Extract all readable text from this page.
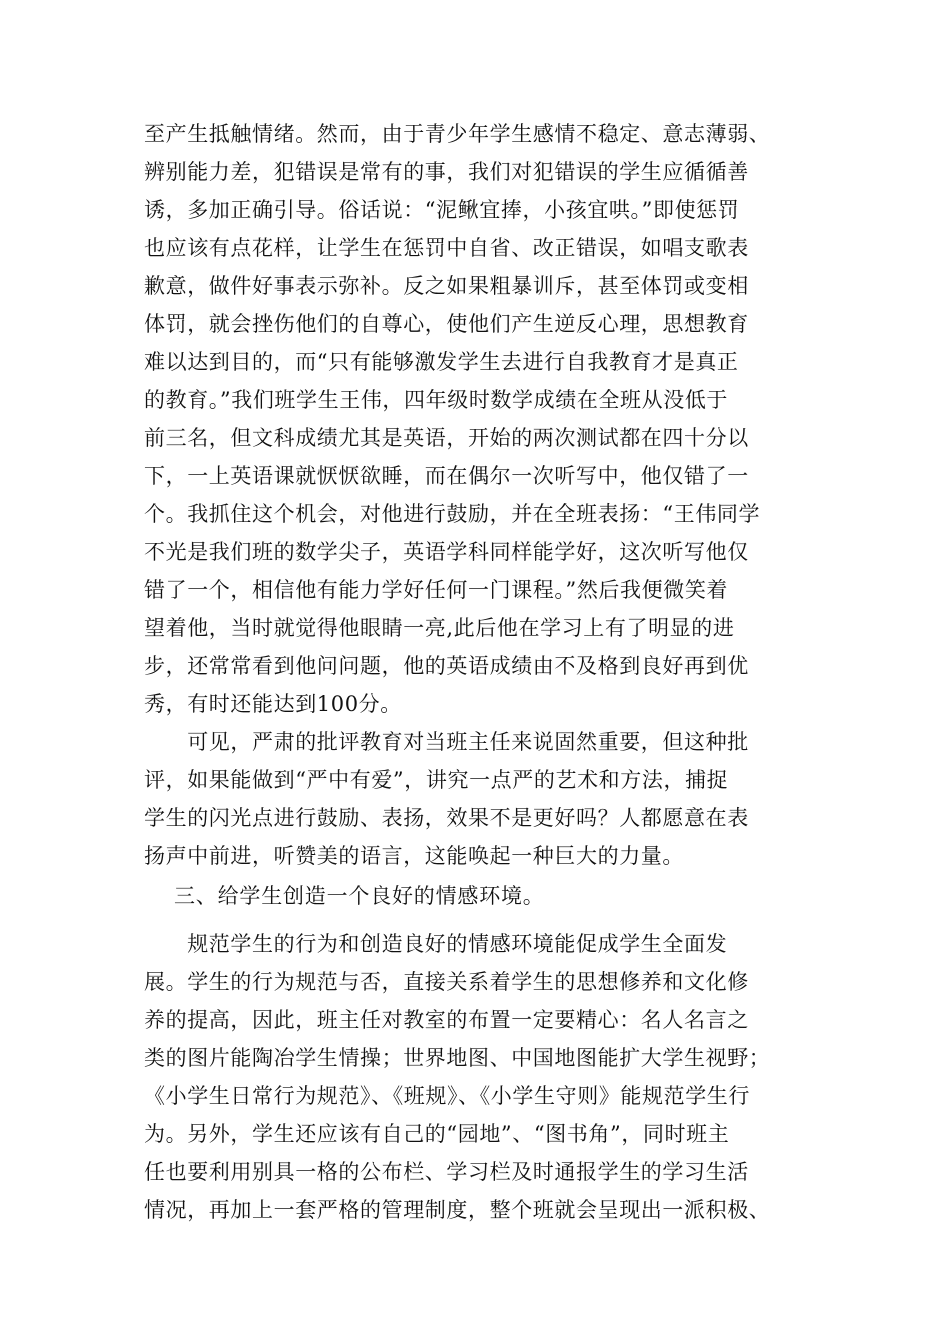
至产生抵触情绪。然而，由于青少年学生感情不稳定、意志薄弱、
辨别能力差，犯错误是常有的事，我们对犯错误的学生应循循善
诱，多加正确引导。俗话说：“泥鳅宜捧，小孩宜哄。”即使惩罚
也应该有点花样，让学生在惩罚中自省、改正错误，如唱支歌表
歉意，做件好事表示弥补。反之如果粗暴训斥，甚至体罚或变相
体罚，就会挫伤他们的自尊心，使他们产生逆反心理，思想教育
难以达到目的，而“只有能够激发学生去进行自我教育才是真正
的教育。”我们班学生王伟，四年级时数学成绩在全班从没低于
前三名，但文科成绩尤其是英语，开始的两次测试都在四十分以
下，一上英语课就恹恹欲睡，而在偶尔一次听写中，他仅错了一
个。我抓住这个机会，对他进行鼓励，并在全班表扬：“王伟同学
不光是我们班的数学尖子，英语学科同样能学好，这次听写他仅
错了一个，相信他有能力学好任何一门课程。”然后我便微笑着
望着他，当时就觉得他眼睛一亮,此后他在学习上有了明显的进
步，还常常看到他问问题，他的英语成绩由不及格到良好再到优
秀，有时还能达到100分。
　　可见，严肃的批评教育对当班主任来说固然重要，但这种批
评，如果能做到“严中有爱”，讲究一点严的艺术和方法，捕捉
学生的闪光点进行鼓励、表扬，效果不是更好吗？人都愿意在表
扬声中前进，听赞美的语言，这能唤起一种巨大的力量。
三、给学生创造一个良好的情感环境。
　　规范学生的行为和创造良好的情感环境能促成学生全面发
展。学生的行为规范与否，直接关系着学生的思想修养和文化修
养的提高，因此，班主任对教室的布置一定要精心：名人名言之
类的图片能陶冶学生情操；世界地图、中国地图能扩大学生视野；
《小学生日常行为规范》、《班规》、《小学生守则》能规范学生行
为。另外，学生还应该有自己的“园地”、“图书角”，同时班主
任也要利用别具一格的公布栏、学习栏及时通报学生的学习生活
情况，再加上一套严格的管理制度，整个班就会呈现出一派积极、
